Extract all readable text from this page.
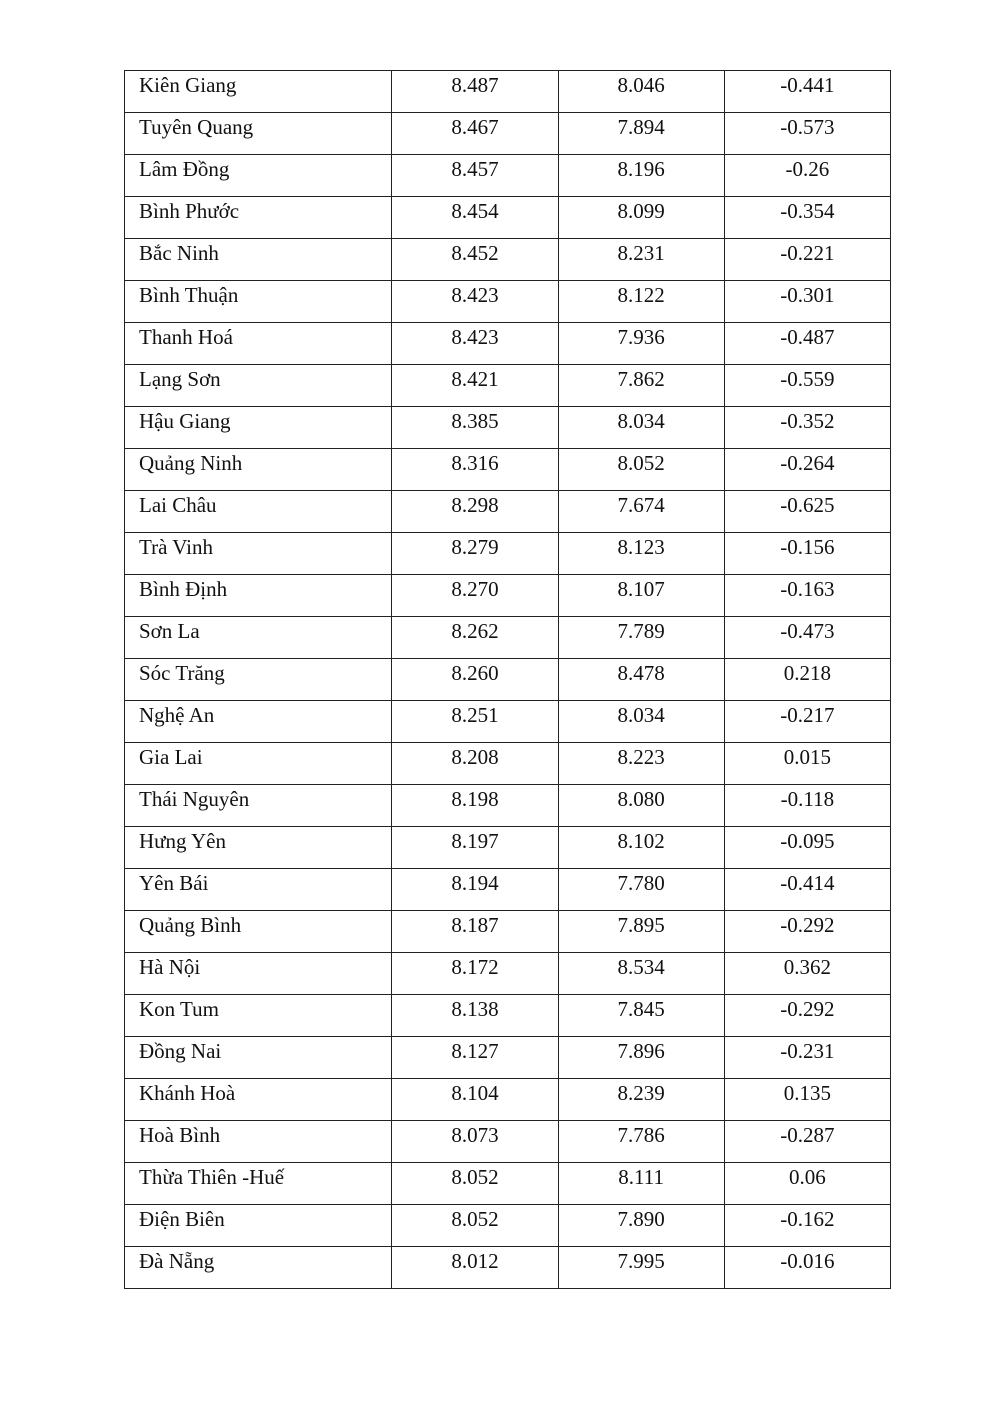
Kiên Giang	8.487	8.046	-0.441
Tuyên Quang	8.467	7.894	-0.573
Lâm Đồng	8.457	8.196	-0.26
Bình Phước	8.454	8.099	-0.354
Bắc Ninh	8.452	8.231	-0.221
Bình Thuận	8.423	8.122	-0.301
Thanh Hoá	8.423	7.936	-0.487
Lạng Sơn	8.421	7.862	-0.559
Hậu Giang	8.385	8.034	-0.352
Quảng Ninh	8.316	8.052	-0.264
Lai Châu	8.298	7.674	-0.625
Trà Vinh	8.279	8.123	-0.156
Bình Định	8.270	8.107	-0.163
Sơn La	8.262	7.789	-0.473
Sóc Trăng	8.260	8.478	0.218
Nghệ An	8.251	8.034	-0.217
Gia Lai	8.208	8.223	0.015
Thái Nguyên	8.198	8.080	-0.118
Hưng Yên	8.197	8.102	-0.095
Yên Bái	8.194	7.780	-0.414
Quảng Bình	8.187	7.895	-0.292
Hà Nội	8.172	8.534	0.362
Kon Tum	8.138	7.845	-0.292
Đồng Nai	8.127	7.896	-0.231
Khánh Hoà	8.104	8.239	0.135
Hoà Bình	8.073	7.786	-0.287
Thừa Thiên -Huế	8.052	8.111	0.06
Điện Biên	8.052	7.890	-0.162
Đà Nẵng	8.012	7.995	-0.016
